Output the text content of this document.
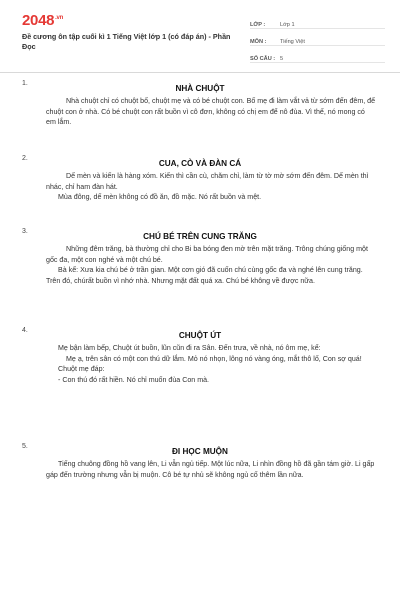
$2048^{.vn}$
Đề cương ôn tập cuối kì 1 Tiếng Việt lớp 1 (có đáp án) - Phần Đọc
LỚP :	Lớp 1
MÔN :	Tiếng Việt
SỐ CÂU : 5
1.
NHÀ CHUỘT

Nhà chuột chỉ có chuột bố, chuột mẹ và có bé chuột con. Bố mẹ đi làm vắt vả từ sớm đến đêm, để chuột con ở nhà. Có bé chuột con rất buồn vì cô đơn, không có chị em để nô đùa. Vì thế, nó mong có em lắm.

2.
CUA, CÒ VÀ ĐÀN CÁ

Dế mèn và kiến là hàng xóm. Kiến thì cần cù, chăm chỉ, làm từ tờ mờ sớm đến đêm. Dế mèn thì nhác, chỉ ham đàn hát.

Mùa đông, dế mèn không có đồ ăn, đồ mặc. Nó rất buồn và mệt.

3.
CHÚ BÉ TRÊN CUNG TRĂNG

Những đêm trăng, bà thường chỉ cho Bi ba bóng đen mờ trên mặt trăng. Trông chúng giống một gốc đa, một con nghé và một chú bé.

Bà kể: Xưa kia chú bé ở trần gian. Một cơn gió đã cuốn chú cùng gốc đa và nghé lên cung trăng. Trên đó, chúrất buồn vì nhớ nhà. Nhưng mặt đất quá xa. Chú bé không về được nữa.

4.
CHUỘT ÚT

Mẹ bận làm bếp, Chuột út buồn, lũn cũn đi ra Sân. Đến trưa, về nhà, nó ôm mẹ, kể:

Mẹ ạ, trên sân có một con thú dữ lắm. Mỏ nó nhọn, lông nó vàng óng, mắt thô lố, Con sợ quá!

Chuột mẹ đáp:

- Con thú đó rất hiền. Nó chỉ muốn đùa Con mà.

5.
ĐI HỌC MUỘN

Tiếng chuông đồng hồ vang lên, Li vẫn ngủ tiếp. Một lúc nữa, Li nhìn đồng hồ đã gần tám giờ. Li gấp gáp đến trường nhưng vẫn bị muộn. Cô bé tự nhủ sẽ không ngủ cố thêm lần nữa.
